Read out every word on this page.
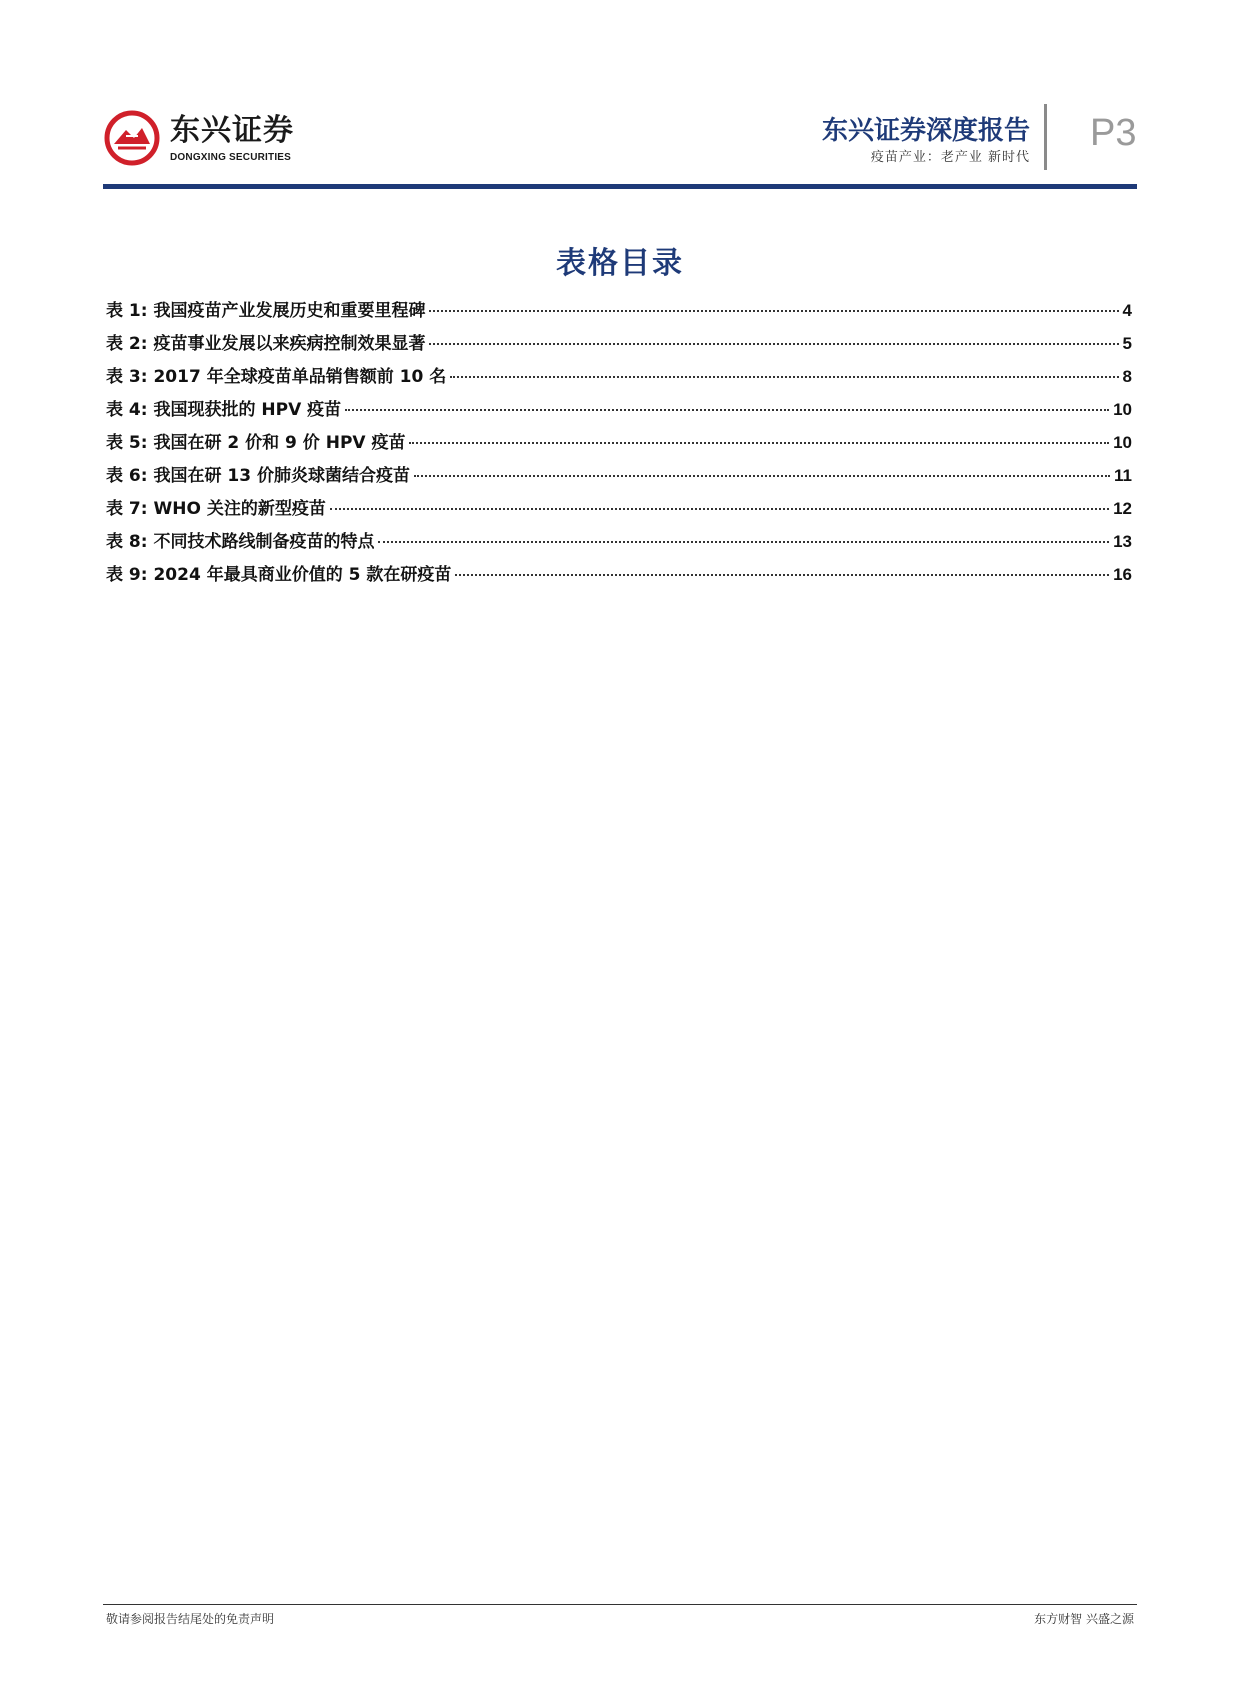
东兴证券
DONGXING SECURITIES
东兴证券深度报告
疫苗产业：老产业 新时代
P3
表格目录
表 1: 我国疫苗产业发展历史和重要里程碑	4
表 2: 疫苗事业发展以来疾病控制效果显著	5
表 3: 2017 年全球疫苗单品销售额前 10 名	8
表 4: 我国现获批的 HPV 疫苗	10
表 5: 我国在研 2 价和 9 价 HPV 疫苗	10
表 6: 我国在研 13 价肺炎球菌结合疫苗	11
表 7: WHO 关注的新型疫苗	12
表 8: 不同技术路线制备疫苗的特点	13
表 9: 2024 年最具商业价值的 5 款在研疫苗	16
敬请参阅报告结尾处的免责声明	东方财智 兴盛之源
